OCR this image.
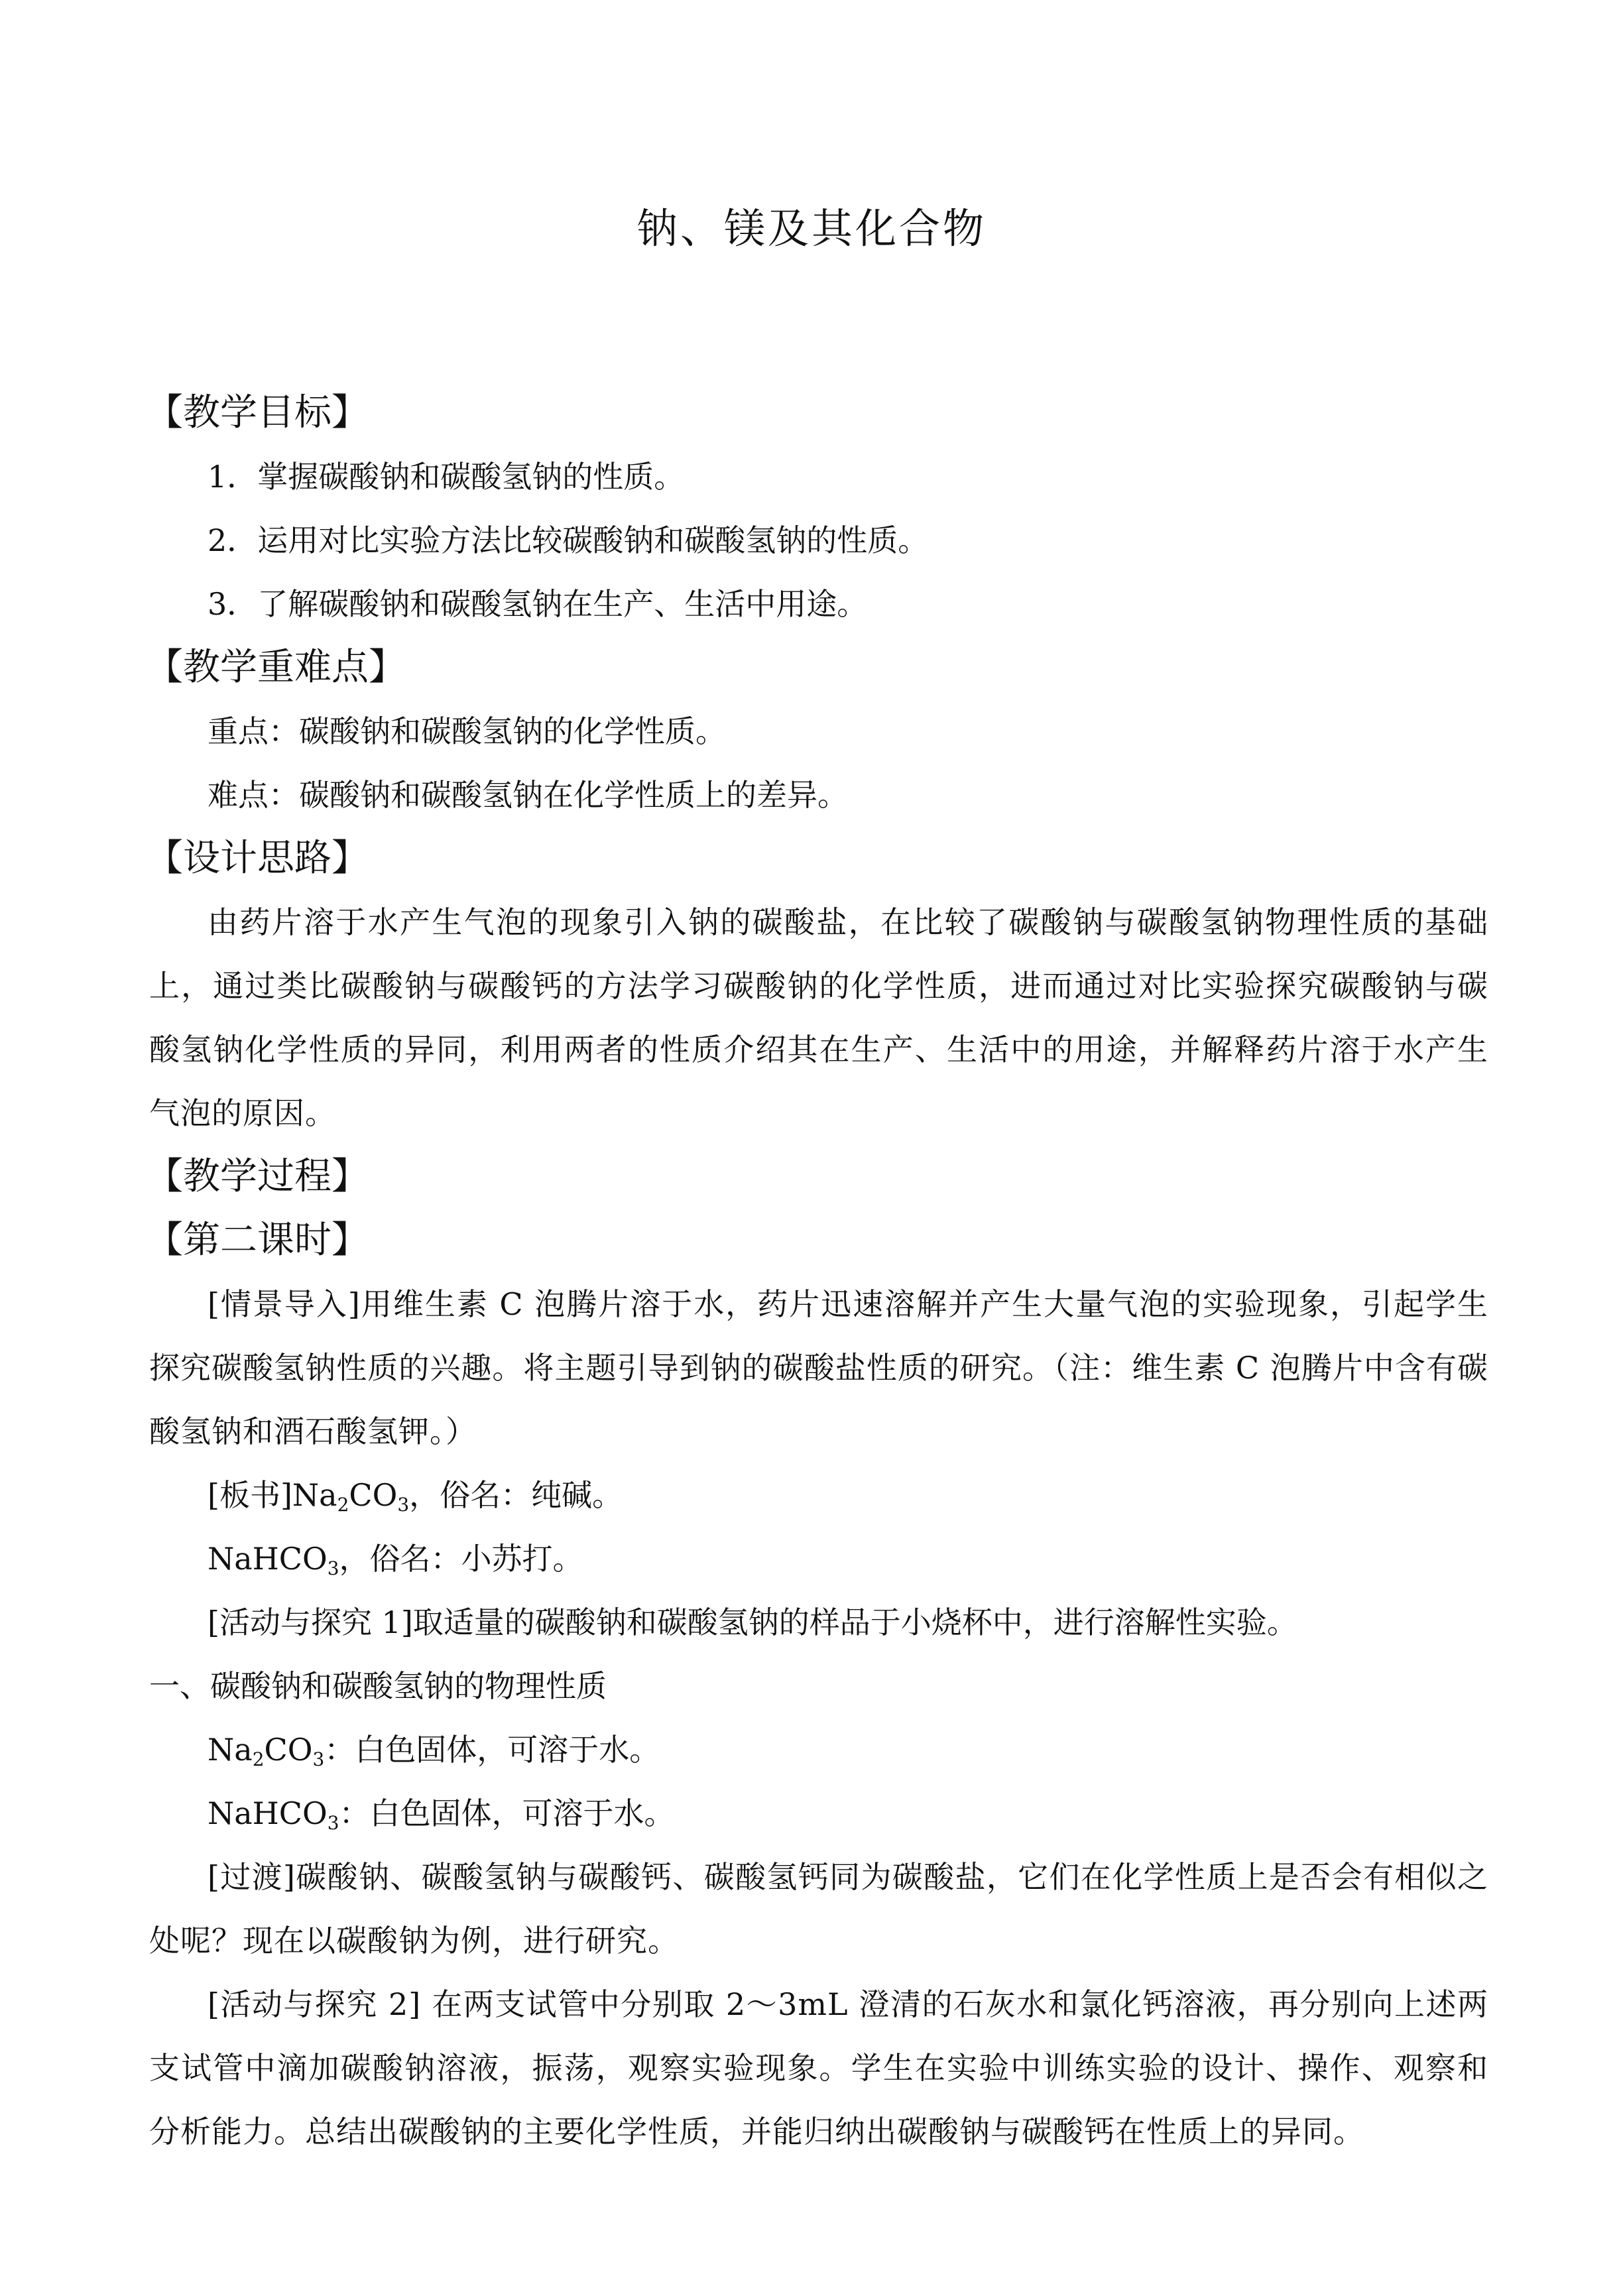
钠、镁及其化合物
【教学目标】
1．掌握碳酸钠和碳酸氢钠的性质。
2．运用对比实验方法比较碳酸钠和碳酸氢钠的性质。
3．了解碳酸钠和碳酸氢钠在生产、生活中用途。
【教学重难点】
重点：碳酸钠和碳酸氢钠的化学性质。
难点：碳酸钠和碳酸氢钠在化学性质上的差异。
【设计思路】
由药片溶于水产生气泡的现象引入钠的碳酸盐，在比较了碳酸钠与碳酸氢钠物理性质的基础上，通过类比碳酸钠与碳酸钙的方法学习碳酸钠的化学性质，进而通过对比实验探究碳酸钠与碳酸氢钠化学性质的异同，利用两者的性质介绍其在生产、生活中的用途，并解释药片溶于水产生气泡的原因。
【教学过程】
【第二课时】
[情景导入]用维生素 C 泡腾片溶于水，药片迅速溶解并产生大量气泡的实验现象，引起学生探究碳酸氢钠性质的兴趣。将主题引导到钠的碳酸盐性质的研究。（注：维生素 C 泡腾片中含有碳酸氢钠和酒石酸氢钾。）
[板书]$Na_2CO_3$，俗名：纯碱。
NaHCO$_3$，俗名：小苏打。
[活动与探究 1]取适量的碳酸钠和碳酸氢钠的样品于小烧杯中，进行溶解性实验。
一、碳酸钠和碳酸氢钠的物理性质
$Na_2CO_3$：白色固体，可溶于水。
NaHCO$_3$：白色固体，可溶于水。
[过渡]碳酸钠、碳酸氢钠与碳酸钙、碳酸氢钙同为碳酸盐，它们在化学性质上是否会有相似之处呢？现在以碳酸钠为例，进行研究。
[活动与探究 2] 在两支试管中分别取 2～3mL 澄清的石灰水和氯化钙溶液，再分别向上述两支试管中滴加碳酸钠溶液，振荡，观察实验现象。学生在实验中训练实验的设计、操作、观察和分析能力。总结出碳酸钠的主要化学性质，并能归纳出碳酸钠与碳酸钙在性质上的异同。
